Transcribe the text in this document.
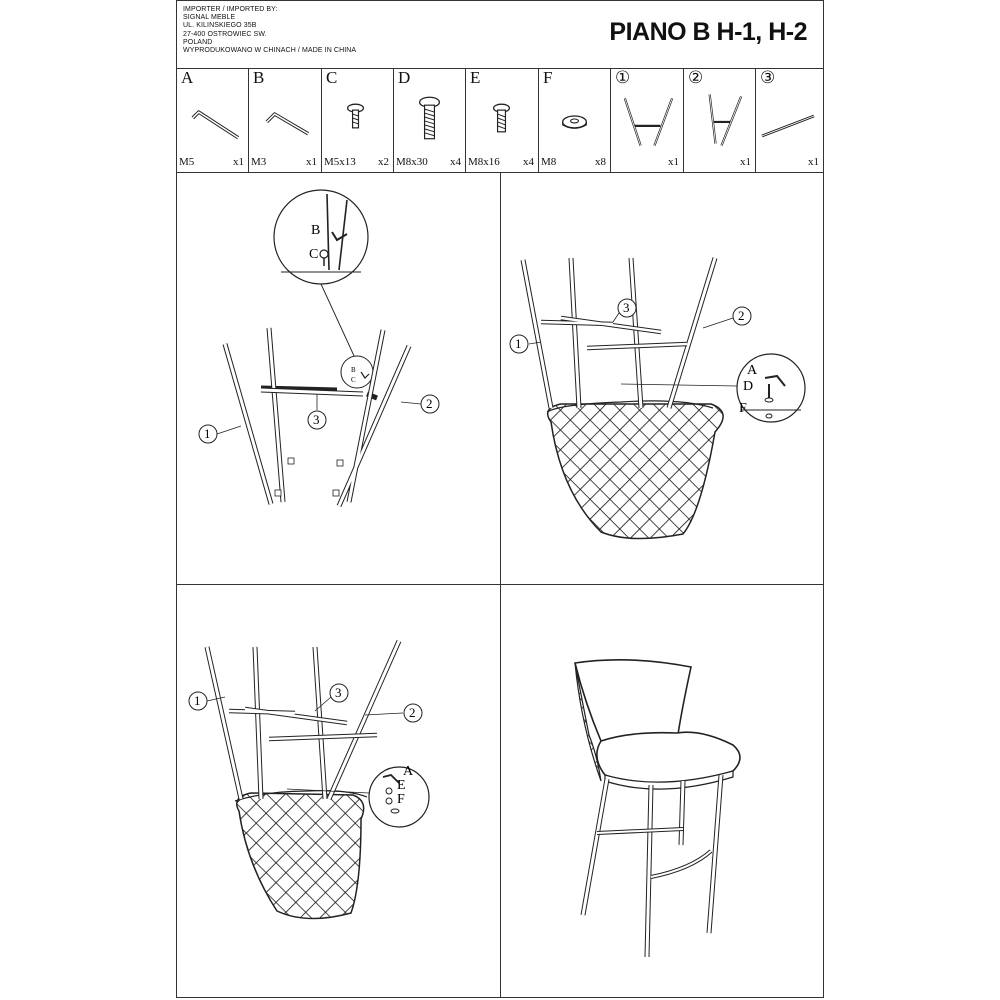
IMPORTER / IMPORTED BY:
SIGNAL MEBLE
UL. KILINSKIEGO 35B
27-400 OSTROWIEC SW.
POLAND
WYPRODUKOWANO W CHINACH / MADE IN CHINA
PIANO B H-1, H-2
A
M5	x1
B
M3	x1
C
M5x13 x2
D
M8x30 x4
E
M8x16 x4
F
M8	x8
①
x1
②
x1
③
x1
B
C
B
C
1
2
3
A
D
F
1
2
3
A
E
F
1
2
3
